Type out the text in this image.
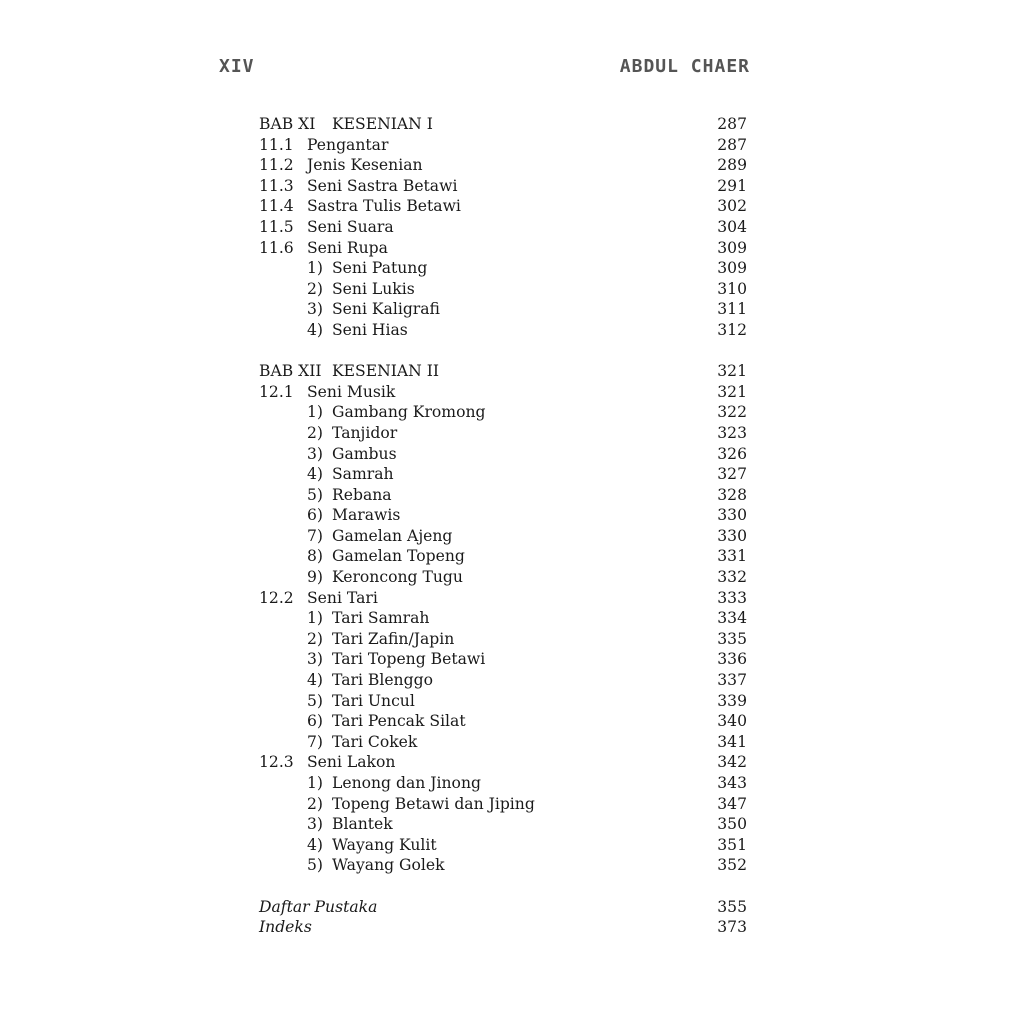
XIV	ABDUL CHAER
BAB XI KESENIAN I	287
11.1 Pengantar	287
11.2 Jenis Kesenian	289
11.3 Seni Sastra Betawi	291
11.4 Sastra Tulis Betawi	302
11.5 Seni Suara	304
11.6 Seni Rupa	309
1) Seni Patung	309
2) Seni Lukis	310
3) Seni Kaligrafi	311
4) Seni Hias	312
BAB XII KESENIAN II	321
12.1 Seni Musik	321
1) Gambang Kromong	322
2) Tanjidor	323
3) Gambus	326
4) Samrah	327
5) Rebana	328
6) Marawis	330
7) Gamelan Ajeng	330
8) Gamelan Topeng	331
9) Keroncong Tugu	332
12.2 Seni Tari	333
1) Tari Samrah	334
2) Tari Zafin/Japin	335
3) Tari Topeng Betawi	336
4) Tari Blenggo	337
5) Tari Uncul	339
6) Tari Pencak Silat	340
7) Tari Cokek	341
12.3 Seni Lakon	342
1) Lenong dan Jinong	343
2) Topeng Betawi dan Jiping	347
3) Blantek	350
4) Wayang Kulit	351
5) Wayang Golek	352
Daftar Pustaka	355
Indeks	373
